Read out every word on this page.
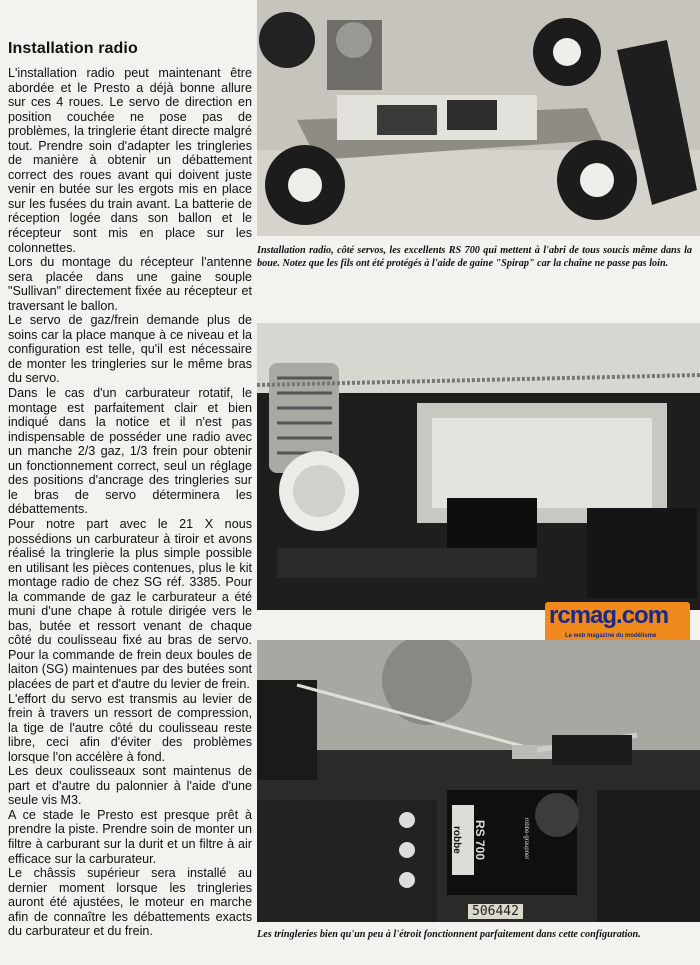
Installation radio

L'installation radio peut maintenant être abordée et le Presto a déjà bonne allure sur ces 4 roues. Le servo de direction en position couchée ne pose pas de problèmes, la tringlerie étant directe malgré tout. Prendre soin d'adapter les tringleries de manière à obtenir un débattement correct des roues avant qui doivent juste venir en butée sur les ergots mis en place sur les fusées du train avant. La batterie de réception logée dans son ballon et le récepteur sont mis en place sur les colonnettes.

Lors du montage du récepteur l'antenne sera placée dans une gaine souple "Sullivan" directement fixée au récepteur et traversant le ballon.

Le servo de gaz/frein demande plus de soins car la place manque à ce niveau et la configuration est telle, qu'il est nécessaire de monter les tringleries sur le même bras du servo.

Dans le cas d'un carburateur rotatif, le montage est parfaitement clair et bien indiqué dans la notice et il n'est pas indispensable de posséder une radio avec un manche 2/3 gaz, 1/3 frein pour obtenir un fonctionnement correct, seul un réglage des positions d'ancrage des tringleries sur le bras de servo déterminera les débattements.

Pour notre part avec le 21 X nous possédions un carburateur à tiroir et avons réalisé la tringlerie la plus simple possible en utilisant les pièces contenues, plus le kit montage radio de chez SG réf. 3385. Pour la commande de gaz le carburateur a été muni d'une chape à rotule dirigée vers le bas, butée et ressort venant de chaque côté du coulisseau fixé au bras de servo. Pour la commande de frein deux boules de laiton (SG) maintenues par des butées sont placées de part et d'autre du levier de frein.

L'effort du servo est transmis au levier de frein à travers un ressort de compression, la tige de l'autre côté du coulisseau reste libre, ceci afin d'éviter des problèmes lorsque l'on accélère à fond.

Les deux coulisseaux sont maintenus de part et d'autre du palonnier à l'aide d'une seule vis M3.

A ce stade le Presto est presque prêt à prendre la piste. Prendre soin de monter un filtre à carburant sur la durit et un filtre à air efficace sur la carburateur.

Le châssis supérieur sera installé au dernier moment lorsque les tringleries auront été ajustées, le moteur en marche afin de connaître les débattements exacts du carburateur et du frein.

Installation radio, côté servos, les excellents RS 700 qui mettent à l'abri de tous soucis même dans la boue. Notez que les fils ont été protégés à l'aide de gaine "Spirap" car la chaîne ne passe pas loin.
rcmag.com
Le web magazine du modélisme
robbe RS 700	robbe-graupner
506442
Les tringleries bien qu'un peu à l'étroit fonctionnent parfaitement dans cette configuration.
